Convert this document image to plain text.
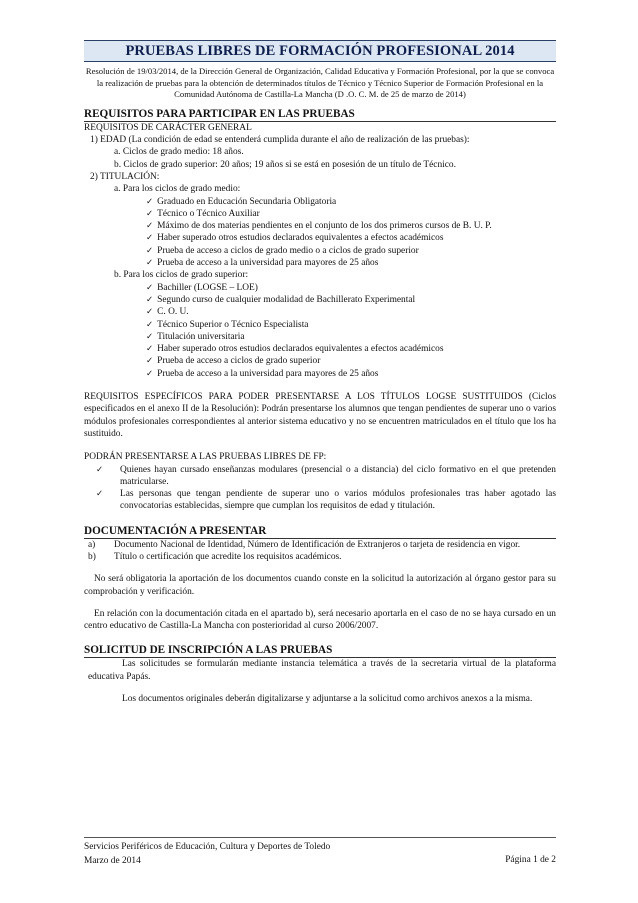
PRUEBAS LIBRES DE FORMACIÓN PROFESIONAL 2014
Resolución de 19/03/2014, de la Dirección General de Organización, Calidad Educativa y Formación Profesional, por la que se convoca la realización de pruebas para la obtención de determinados títulos de Técnico y Técnico Superior de Formación Profesional en la Comunidad Autónoma de Castilla-La Mancha (D .O. C. M. de 25 de marzo de 2014)
REQUISITOS PARA PARTICIPAR EN LAS PRUEBAS
REQUISITOS DE CARÁCTER GENERAL
1) EDAD (La condición de edad se entenderá cumplida durante el año de realización de las pruebas):
a. Ciclos de grado medio: 18 años.
b. Ciclos de grado superior: 20 años; 19 años si se está en posesión de un título de Técnico.
2) TITULACIÓN:
a. Para los ciclos de grado medio:
✓ Graduado en Educación Secundaria Obligatoria
✓ Técnico o Técnico Auxiliar
✓ Máximo de dos materias pendientes en el conjunto de los dos primeros cursos de B. U. P.
✓ Haber superado otros estudios declarados equivalentes a efectos académicos
✓ Prueba de acceso a ciclos de grado medio o a ciclos de grado superior
✓ Prueba de acceso a la universidad para mayores de 25 años
b. Para los ciclos de grado superior:
✓ Bachiller (LOGSE – LOE)
✓ Segundo curso de cualquier modalidad de Bachillerato Experimental
✓ C. O. U.
✓ Técnico Superior o Técnico Especialista
✓ Titulación universitaria
✓ Haber superado otros estudios declarados equivalentes a efectos académicos
✓ Prueba de acceso a ciclos de grado superior
✓ Prueba de acceso a la universidad para mayores de 25 años
REQUISITOS ESPECÍFICOS PARA PODER PRESENTARSE A LOS TÍTULOS LOGSE SUSTITUIDOS (Ciclos especificados en el anexo II de la Resolución): Podrán presentarse los alumnos que tengan pendientes de superar uno o varios módulos profesionales correspondientes al anterior sistema educativo y no se encuentren matriculados en el título que los ha sustituido.
PODRÁN PRESENTARSE A LAS PRUEBAS LIBRES DE FP:
✓ Quienes hayan cursado enseñanzas modulares (presencial o a distancia) del ciclo formativo en el que pretenden matricularse.
✓ Las personas que tengan pendiente de superar uno o varios módulos profesionales tras haber agotado las convocatorias establecidas, siempre que cumplan los requisitos de edad y titulación.
DOCUMENTACIÓN A PRESENTAR
a) Documento Nacional de Identidad, Número de Identificación de Extranjeros o tarjeta de residencia en vigor.
b) Título o certificación que acredite los requisitos académicos.
No será obligatoria la aportación de los documentos cuando conste en la solicitud la autorización al órgano gestor para su comprobación y verificación.
En relación con la documentación citada en el apartado b), será necesario aportarla en el caso de no se haya cursado en un centro educativo de Castilla-La Mancha con posterioridad al curso 2006/2007.
SOLICITUD DE INSCRIPCIÓN A LAS PRUEBAS
Las solicitudes se formularán mediante instancia telemática a través de la secretaria virtual de la plataforma educativa Papás.
Los documentos originales deberán digitalizarse y adjuntarse a la solicitud como archivos anexos a la misma.
Servicios Periféricos de Educación, Cultura y Deportes de Toledo
Marzo de 2014	Página 1 de 2
